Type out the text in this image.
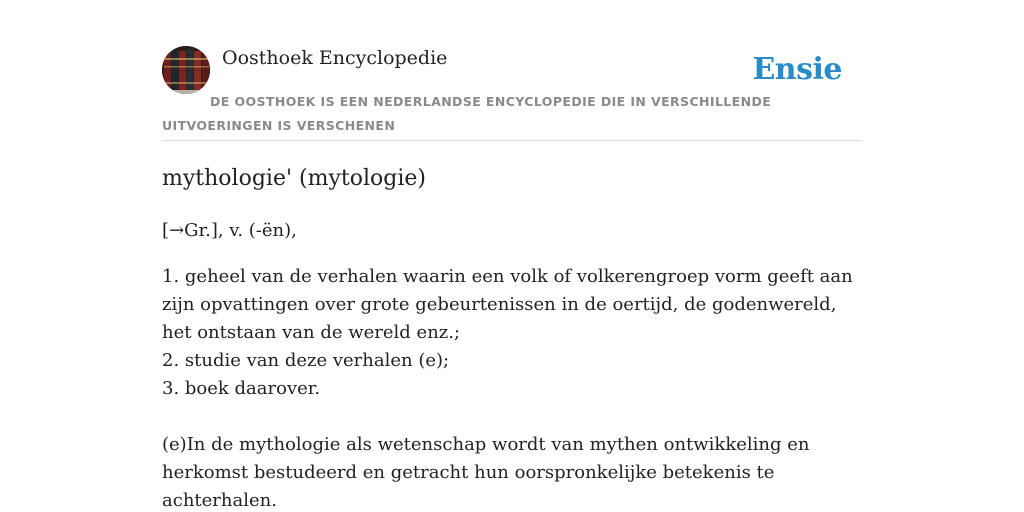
Oosthoek Encyclopedie	Ensie
DE OOSTHOEK IS EEN NEDERLANDSE ENCYCLOPEDIE DIE IN VERSCHILLENDE UITVOERINGEN IS VERSCHENEN
mythologie' (mytologie)
[→Gr.], v. (-ën),
1. geheel van de verhalen waarin een volk of volkerengroep vorm geeft aan zijn opvattingen over grote gebeurtenissen in de oertijd, de godenwereld, het ontstaan van de wereld enz.;
2. studie van deze verhalen (e);
3. boek daarover.
(e)In de mythologie als wetenschap wordt van mythen ontwikkeling en herkomst bestudeerd en getracht hun oorspronkelijke betekenis te achterhalen.
